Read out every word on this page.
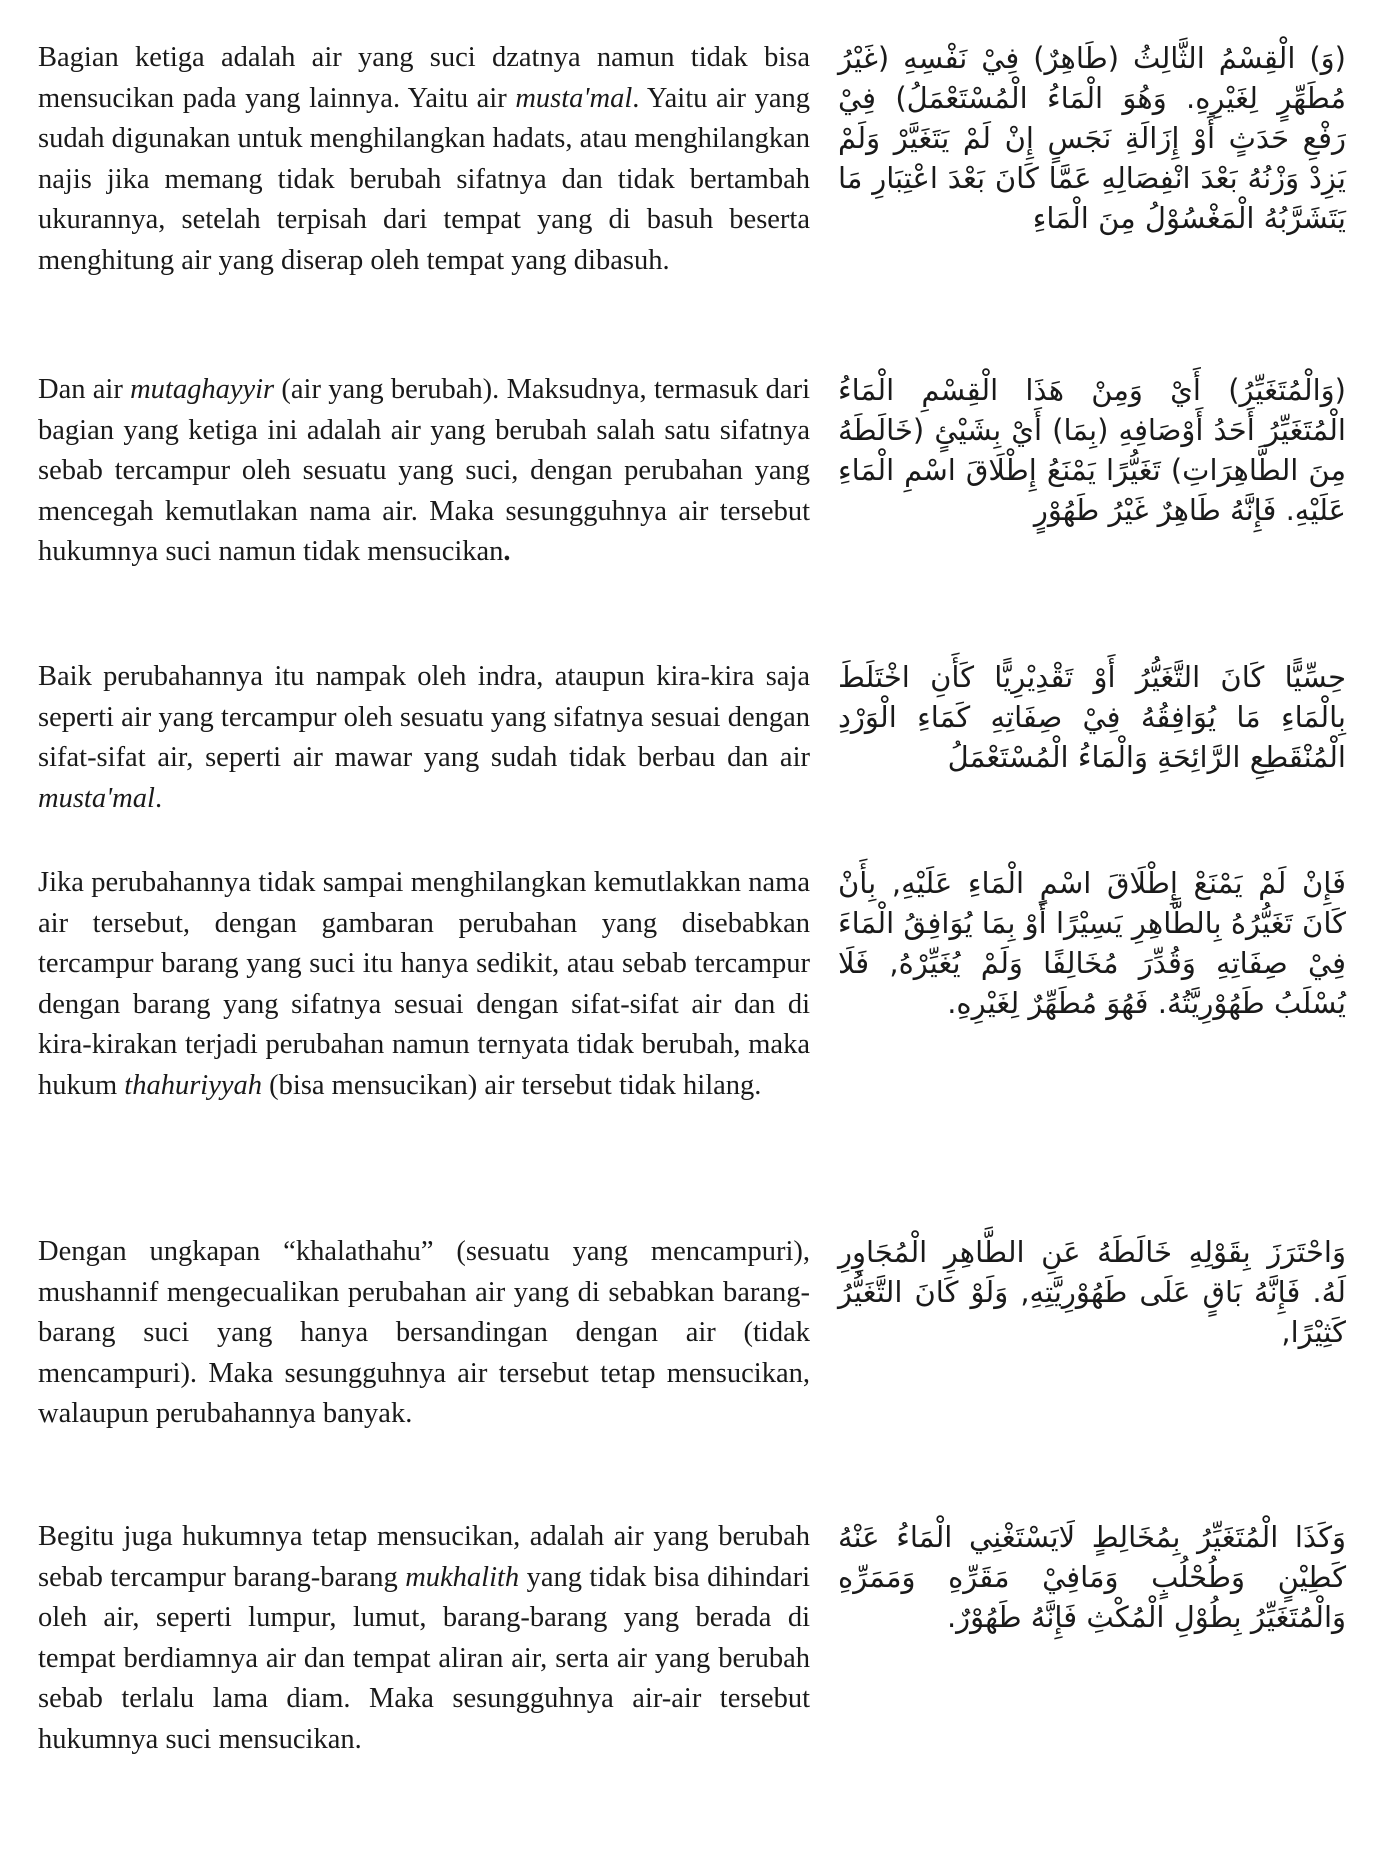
Bagian ketiga adalah air yang suci dzatnya namun tidak bisa mensucikan pada yang lainnya. Yaitu air musta'mal. Yaitu air yang sudah digunakan untuk menghilangkan hadats, atau menghilangkan najis jika memang tidak berubah sifatnya dan tidak bertambah ukurannya, setelah terpisah dari tempat yang di basuh beserta menghitung air yang diserap oleh tempat yang dibasuh.

(وَ) الْقِسْمُ الثَّالِثُ (طَاهِرٌ) فِيْ نَفْسِهِ (غَيْرُ مُطَهِّرٍ لِغَيْرِهِ. وَهُوَ الْمَاءُ الْمُسْتَعْمَلُ) فِيْ رَفْعِ حَدَثٍ أَوْ إِزَالَةِ نَجَسٍ إِنْ لَمْ يَتَغَيَّرْ وَلَمْ يَزِدْ وَزْنُهُ بَعْدَ انْفِصَالِهِ عَمَّا كَانَ بَعْدَ اعْتِبَارِ مَا يَتَشَرَّبُهُ الْمَغْسُوْلُ مِنَ الْمَاءِ

Dan air mutaghayyir (air yang berubah). Maksudnya, termasuk dari bagian yang ketiga ini adalah air yang berubah salah satu sifatnya sebab tercampur oleh sesuatu yang suci, dengan perubahan yang mencegah kemutlakan nama air. Maka sesungguhnya air tersebut hukumnya suci namun tidak mensucikan.

(وَالْمُتَغَيِّرُ) أَيْ وَمِنْ هَذَا الْقِسْمِ الْمَاءُ الْمُتَغَيِّرُ أَحَدُ أَوْصَافِهِ (بِمَا) أَيْ بِشَيْئٍ (خَالَطَهُ مِنَ الطَّاهِرَاتِ) تَغَيُّرًا يَمْنَعُ إِطْلَاقَ اسْمِ الْمَاءِ عَلَيْهِ. فَإِنَّهُ طَاهِرٌ غَيْرُ طَهُوْرٍ

Baik perubahannya itu nampak oleh indra, ataupun kira-kira saja seperti air yang tercampur oleh sesuatu yang sifatnya sesuai dengan sifat-sifat air, seperti air mawar yang sudah tidak berbau dan air musta'mal.

حِسِّيًّا كَانَ التَّغَيُّرُ أَوْ تَقْدِيْرِيًّا كَأَنِ اخْتَلَطَ بِالْمَاءِ مَا يُوَافِقُهُ فِيْ صِفَاتِهِ كَمَاءِ الْوَرْدِ الْمُنْقَطِعِ الرَّائِحَةِ وَالْمَاءُ الْمُسْتَعْمَلُ

Jika perubahannya tidak sampai menghilangkan kemutlakkan nama air tersebut, dengan gambaran perubahan yang disebabkan tercampur barang yang suci itu hanya sedikit, atau sebab tercampur dengan barang yang sifatnya sesuai dengan sifat-sifat air dan di kira-kirakan terjadi perubahan namun ternyata tidak berubah, maka hukum thahuriyyah (bisa mensucikan) air tersebut tidak hilang.

فَإِنْ لَمْ يَمْنَعْ إِطْلَاقَ اسْمِ الْمَاءِ عَلَيْهِ, بِأَنْ كَانَ تَغَيُّرُهُ بِالطَّاهِرِ يَسِيْرًا أَوْ بِمَا يُوَافِقُ الْمَاءَ فِيْ صِفَاتِهِ وَقُدِّرَ مُخَالِفًا وَلَمْ يُغَيِّرْهُ, فَلَا يُسْلَبُ طَهُوْرِيَّتُهُ. فَهُوَ مُطَهِّرٌ لِغَيْرِهِ.

Dengan ungkapan “khalathahu” (sesuatu yang mencampuri), mushannif mengecualikan perubahan air yang di sebabkan barang-barang suci yang hanya bersandingan dengan air (tidak mencampuri). Maka sesungguhnya air tersebut tetap mensucikan, walaupun perubahannya banyak.

وَاحْتَرَزَ بِقَوْلِهِ خَالَطَهُ عَنِ الطَّاهِرِ الْمُجَاوِرِ لَهُ. فَإِنَّهُ بَاقٍ عَلَى طَهُوْرِيَّتِهِ, وَلَوْ كَانَ التَّغَيُّرُ كَثِيْرًا,

Begitu juga hukumnya tetap mensucikan, adalah air yang berubah sebab tercampur barang-barang mukhalith yang tidak bisa dihindari oleh air, seperti lumpur, lumut, barang-barang yang berada di tempat berdiamnya air dan tempat aliran air, serta air yang berubah sebab terlalu lama diam. Maka sesungguhnya air-air tersebut hukumnya suci mensucikan.

وَكَذَا الْمُتَغَيِّرُ بِمُخَالِطٍ لَايَسْتَغْنِي الْمَاءُ عَنْهُ كَطِيْنٍ وَطُحْلُبٍ وَمَافِيْ مَقَرِّهِ وَمَمَرِّهِ وَالْمُتَغَيِّرُ بِطُوْلِ الْمُكْثِ فَإِنَّهُ طَهُوْرٌ.
